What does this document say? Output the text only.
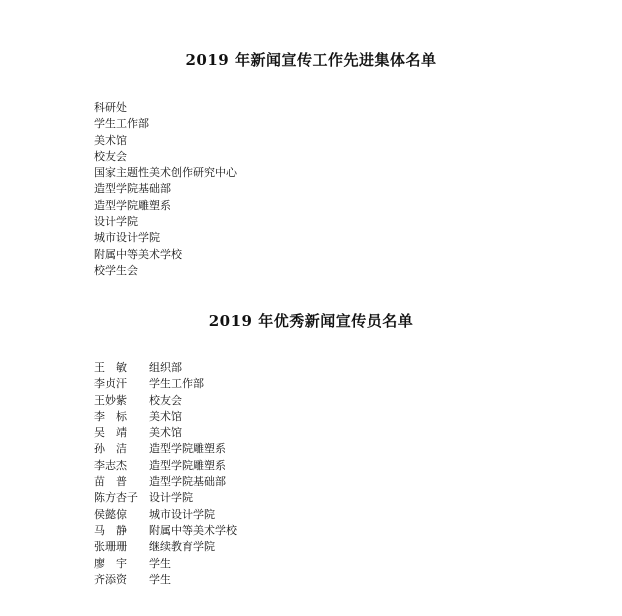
2019 年新闻宣传工作先进集体名单
科研处
学生工作部
美术馆
校友会
国家主题性美术创作研究中心
造型学院基础部
造型学院雕塑系
设计学院
城市设计学院
附属中等美术学校
校学生会
2019 年优秀新闻宣传员名单
王　敏 组织部
李贞汗 学生工作部
王妙紫 校友会
李　标 美术馆
吴　靖 美术馆
孙　洁 造型学院雕塑系
李志杰 造型学院雕塑系
苗　普 造型学院基础部
陈方杏子 设计学院
侯懿倞 城市设计学院
马　静 附属中等美术学校
张珊珊 继续教育学院
廖　宇 学生
齐添资 学生
